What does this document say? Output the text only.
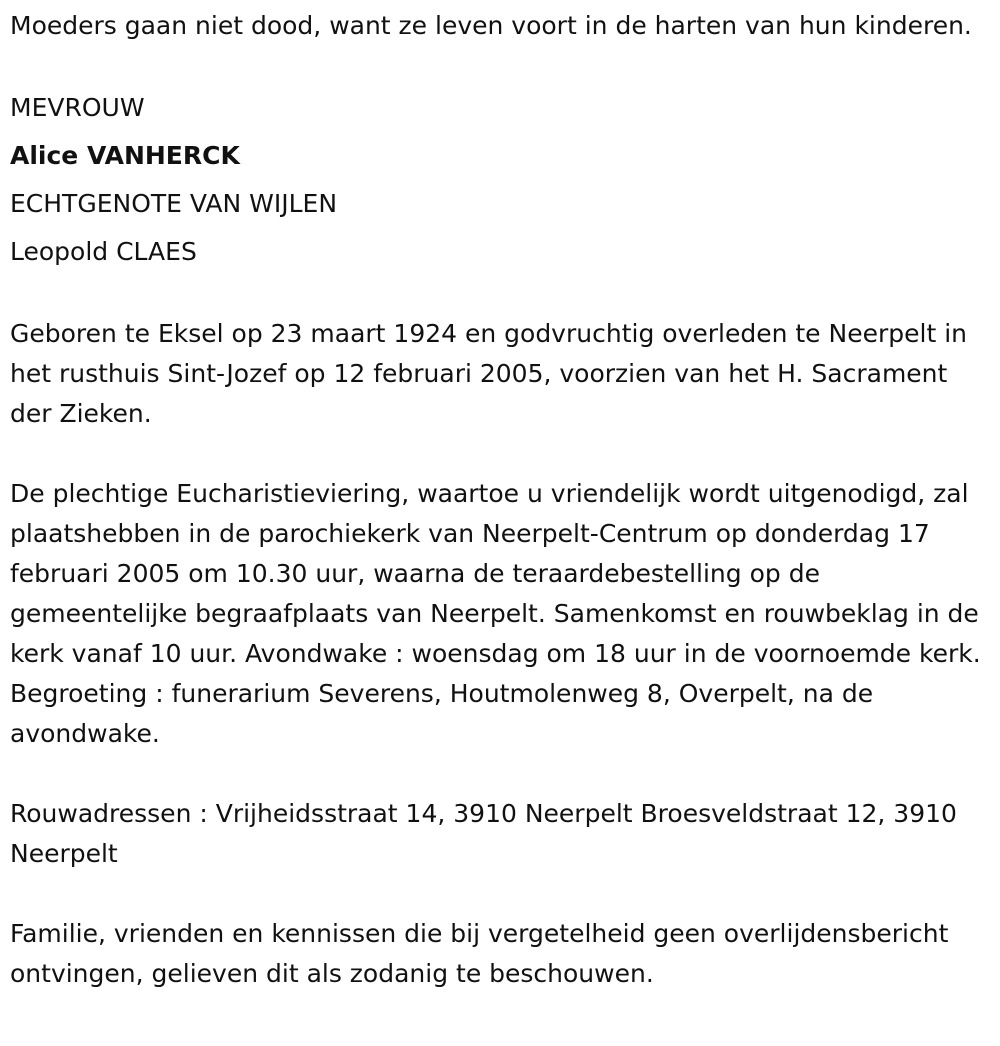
Moeders gaan niet dood, want ze leven voort in de harten van hun kinderen.

MEVROUW

Alice VANHERCK

ECHTGENOTE VAN WIJLEN

Leopold CLAES

Geboren te Eksel op 23 maart 1924 en godvruchtig overleden te Neerpelt in het rusthuis Sint-Jozef op 12 februari 2005, voorzien van het H. Sacrament der Zieken.

De plechtige Eucharistieviering, waartoe u vriendelijk wordt uitgenodigd, zal plaatshebben in de parochiekerk van Neerpelt-Centrum op donderdag 17 februari 2005 om 10.30 uur, waarna de teraardebestelling op de gemeentelijke begraafplaats van Neerpelt. Samenkomst en rouwbeklag in de kerk vanaf 10 uur. Avondwake : woensdag om 18 uur in de voornoemde kerk. Begroeting : funerarium Severens, Houtmolenweg 8, Overpelt, na de avondwake.

Rouwadressen : Vrijheidsstraat 14, 3910 Neerpelt Broesveldstraat 12, 3910 Neerpelt

Familie, vrienden en kennissen die bij vergetelheid geen overlijdensbericht ontvingen, gelieven dit als zodanig te beschouwen.
